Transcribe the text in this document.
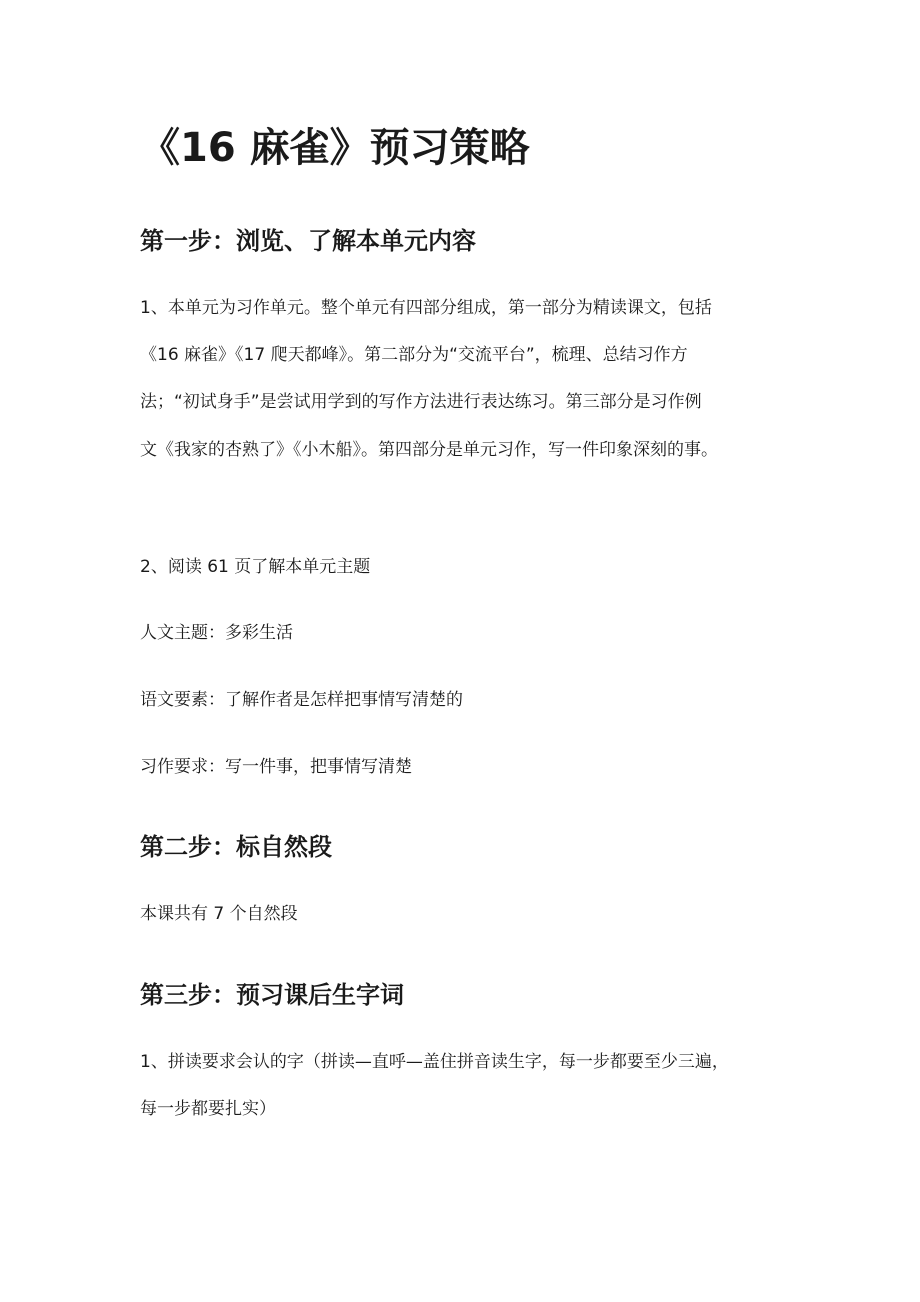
《16 麻雀》预习策略
第一步：浏览、了解本单元内容

1、本单元为习作单元。整个单元有四部分组成，第一部分为精读课文，包括

《16 麻雀》《17 爬天都峰》。第二部分为“交流平台”，梳理、总结习作方

法；“初试身手”是尝试用学到的写作方法进行表达练习。第三部分是习作例

文《我家的杏熟了》《小木船》。第四部分是单元习作，写一件印象深刻的事。

2、阅读 61 页了解本单元主题

人文主题：多彩生活

语文要素：了解作者是怎样把事情写清楚的

习作要求：写一件事，把事情写清楚

第二步：标自然段

本课共有 7 个自然段

第三步：预习课后生字词

1、拼读要求会认的字（拼读—直呼—盖住拼音读生字，每一步都要至少三遍，

每一步都要扎实）
